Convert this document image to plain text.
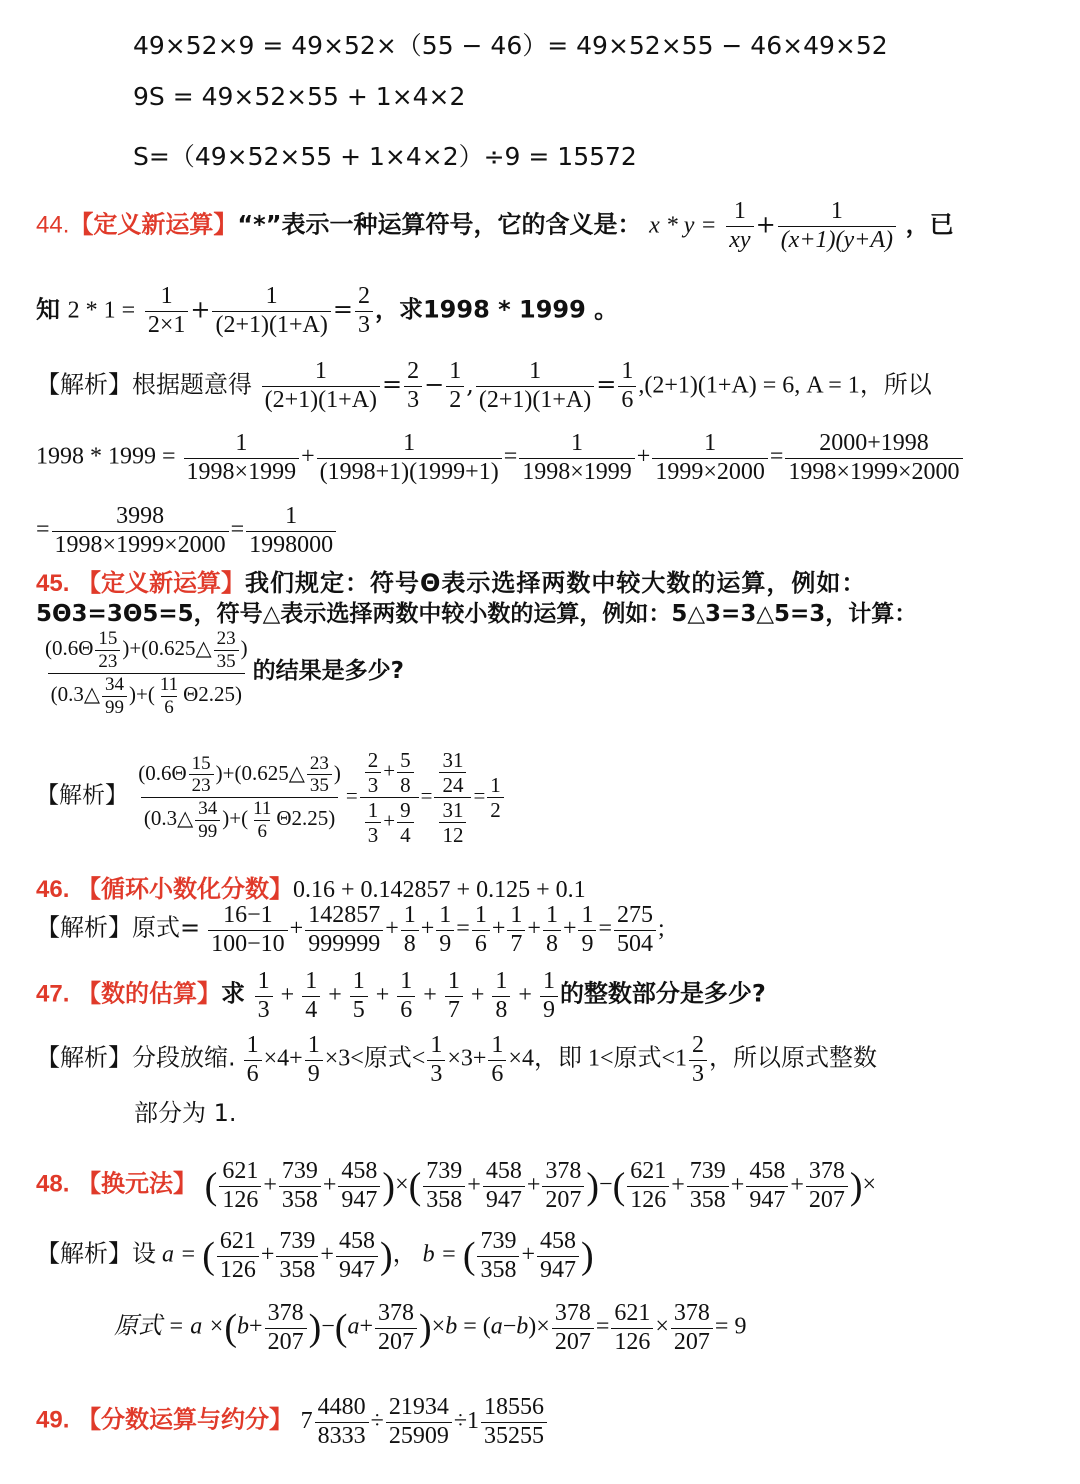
49×52×9 = 49×52×（55 − 46）= 49×52×55 − 46×49×52
9S = 49×52×55 + 1×4×2
S=（49×52×55 + 1×4×2）÷9 = 15572
44.【定义新运算】“*”表示一种运算符号，它的含义是： $x * y = \frac{1}{xy} + \frac{1}{(x+1)(y+A)}$ ，已
知 $2 * 1 = \frac{1}{2\times 1} + \frac{1}{(2+1)(1+A)} = \frac{2}{3}$ ，求1998 * 1999 。
【解析】根据题意得 $\frac{1}{(2+1)(1+A)} = \frac{2}{3} - \frac{1}{2}$ , $\frac{1}{(2+1)(1+A)} = \frac{1}{6} ,(2+1)(1+A) = 6$, A = 1，所以
$1998 * 1999 = \frac{1}{1998\times 1999} + \frac{1}{(1998+1)(1999+1)} = \frac{1}{1998\times 1999} + \frac{1}{1999\times 2000} = \frac{2000+1998}{1998\times 1999\times 2000}$
= $\frac{3998}{1998\times 1999\times 2000} = \frac{1}{1998000}$
45. 【定义新运算】我们规定：符号Θ表示选择两数中较大数的运算，例如：
5Θ3=3Θ5=5，符号△表示选择两数中较小数的运算，例如：5△3=3△5=3，计算：
$\frac{(0.6\Theta \frac{15}{23} )+(0.625\triangle \frac{23}{35} )}{(0.3\triangle \frac{34}{99} )+( \frac{11}{6} \Theta 2.25)}$ 的结果是多少?
【解析】 $\frac{(0.6\Theta \frac{15}{23} )+(0.625\triangle \frac{23}{35} )}{(0.3\triangle \frac{34}{99} )+( \frac{11}{6} \Theta 2.25)} = \frac{\frac{2}{3} + \frac{5}{8}}{\frac{1}{3} + \frac{9}{4}} = \frac{\frac{31}{24}}{\frac{31}{12}} = \frac{1}{2}$
46. 【循环小数化分数】0.16 + 0.142857 + 0.125 + 0.1
【解析】原式= $\frac{16-1}{100-10} + \frac{142857}{999999} + \frac{1}{8} + \frac{1}{9} = \frac{1}{6} + \frac{1}{7} + \frac{1}{8} + \frac{1}{9} = \frac{275}{504}$ ;
47. 【数的估算】求 $\frac{1}{3} + \frac{1}{4} + \frac{1}{5} + \frac{1}{6} + \frac{1}{7} + \frac{1}{8} + \frac{1}{9}$ 的整数部分是多少?
【解析】分段放缩. $\frac{1}{6} \times 4+ \frac{1}{9} \times 3<$原式< $\frac{1}{3} \times 3+ \frac{1}{6} \times 4$，即 1<原式$<1 \frac{2}{3}$ ，所以原式整数
部分为 1.
48. 【换元法】 ( $\frac{621}{126} + \frac{739}{358} + \frac{458}{947}$ )×( $\frac{739}{358} + \frac{458}{947} + \frac{378}{207}$ )−( $\frac{621}{126} + \frac{739}{358} + \frac{458}{947} + \frac{378}{207}$ )×
【解析】设 a = ( $\frac{621}{126} + \frac{739}{358} + \frac{458}{947}$ )， b = ( $\frac{739}{358} + \frac{458}{947}$ )
原式 = $a \times(b+ \frac{378}{207} )-(a+ \frac{378}{207} )\times b = (a-b)\times \frac{378}{207} = \frac{621}{126} \times \frac{378}{207} = 9$
49. 【分数运算与约分】 $7 \frac{4480}{8333} \div \frac{21934}{25909} \div 1 \frac{18556}{35255}$
